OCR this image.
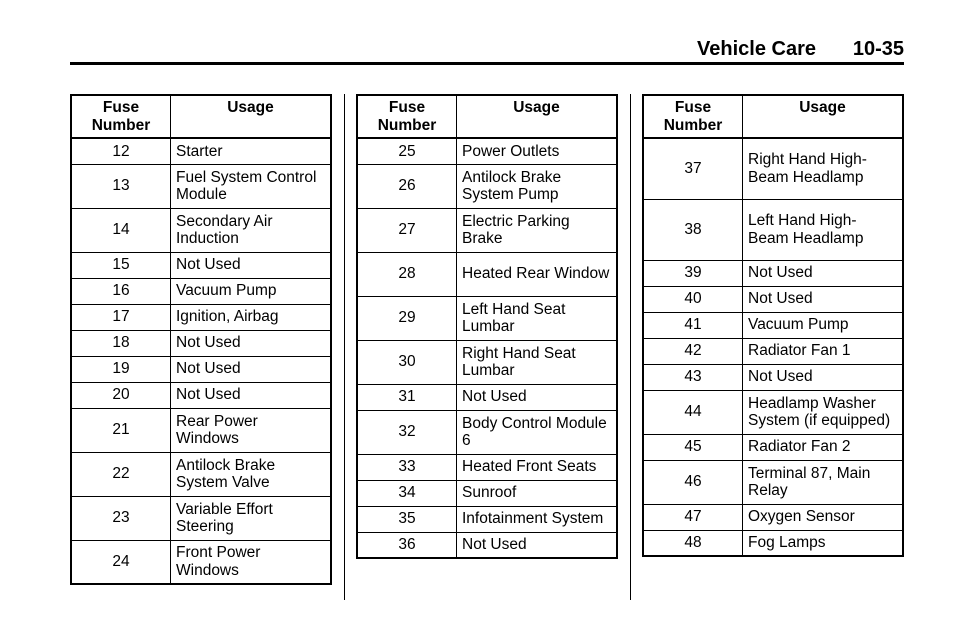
Vehicle Care 10-35
Fuse
Number	Usage
12	Starter
13	Fuel System Control Module
14	Secondary Air Induction
15	Not Used
16	Vacuum Pump
17	Ignition, Airbag
18	Not Used
19	Not Used
20	Not Used
21	Rear Power Windows
22	Antilock Brake System Valve
23	Variable Effort Steering
24	Front Power Windows
Fuse
Number	Usage
25	Power Outlets
26	Antilock Brake System Pump
27	Electric Parking Brake
28	Heated Rear Window
29	Left Hand Seat Lumbar
30	Right Hand Seat Lumbar
31	Not Used
32	Body Control Module 6
33	Heated Front Seats
34	Sunroof
35	Infotainment System
36	Not Used
Fuse
Number	Usage
37	Right Hand High-Beam Headlamp
38	Left Hand High-Beam Headlamp
39	Not Used
40	Not Used
41	Vacuum Pump
42	Radiator Fan 1
43	Not Used
44	Headlamp Washer System (if equipped)
45	Radiator Fan 2
46	Terminal 87, Main Relay
47	Oxygen Sensor
48	Fog Lamps
